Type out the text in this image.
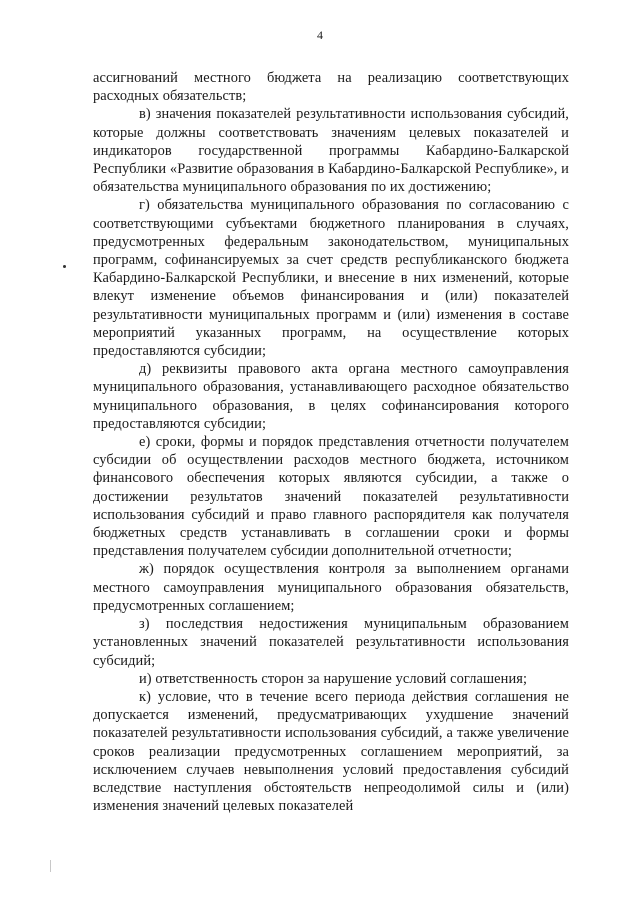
4

ассигнований местного бюджета на реализацию соответствующих расходных обязательств;

в) значения показателей результативности использования субсидий, которые должны соответствовать значениям целевых показателей и индикаторов государственной программы Кабардино-Балкарской Республики «Развитие образования в Кабардино-Балкарской Республике», и обязательства муниципального образования по их достижению;

г) обязательства муниципального образования по согласованию с соответствующими субъектами бюджетного планирования в случаях, предусмотренных федеральным законодательством, муниципальных программ, софинансируемых за счет средств республиканского бюджета Кабардино-Балкарской Республики, и внесение в них изменений, которые влекут изменение объемов финансирования и (или) показателей результативности муниципальных программ и (или) изменения в составе мероприятий указанных программ, на осуществление которых предоставляются субсидии;

д) реквизиты правового акта органа местного самоуправления муниципального образования, устанавливающего расходное обязательство муниципального образования, в целях софинансирования которого предоставляются субсидии;

е) сроки, формы и порядок представления отчетности получателем субсидии об осуществлении расходов местного бюджета, источником финансового обеспечения которых являются субсидии, а также о достижении результатов значений показателей результативности использования субсидий и право главного распорядителя как получателя бюджетных средств устанавливать в соглашении сроки и формы представления получателем субсидии дополнительной отчетности;

ж) порядок осуществления контроля за выполнением органами местного самоуправления муниципального образования обязательств, предусмотренных соглашением;

з) последствия недостижения муниципальным образованием установленных значений показателей результативности использования субсидий;

и) ответственность сторон за нарушение условий соглашения;

к) условие, что в течение всего периода действия соглашения не допускается изменений, предусматривающих ухудшение значений показателей результативности использования субсидий, а также увеличение сроков реализации предусмотренных соглашением мероприятий, за исключением случаев невыполнения условий предоставления субсидий вследствие наступления обстоятельств непреодолимой силы и (или) изменения значений целевых показателей
